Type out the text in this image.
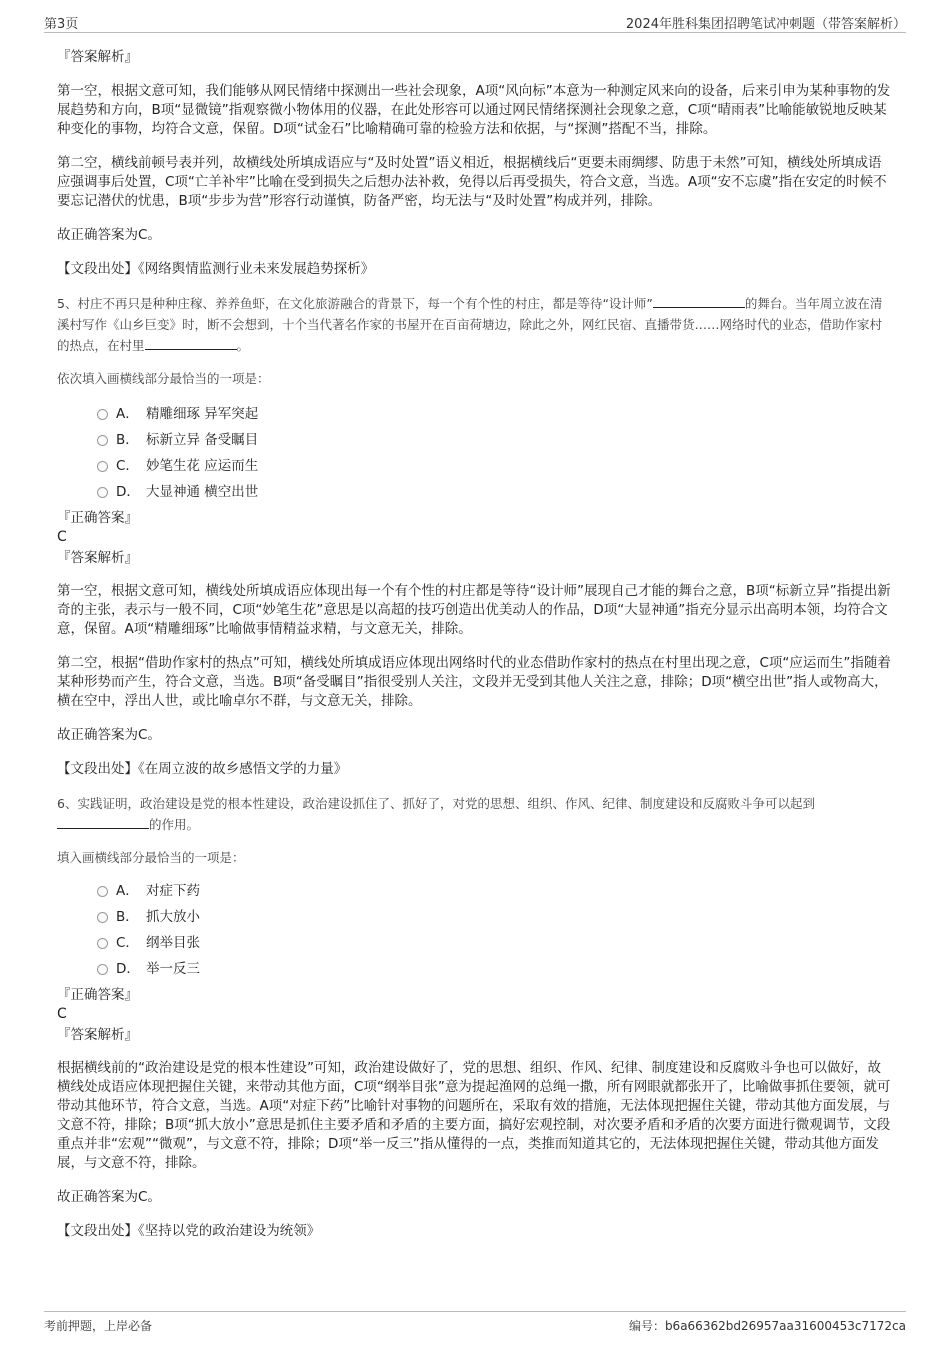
第3页	2024年胜科集团招聘笔试冲刺题（带答案解析）

『答案解析』

第一空，根据文意可知，我们能够从网民情绪中探测出一些社会现象，A项“风向标”本意为一种测定风来向的设备，后来引申为某种事物的发展趋势和方向，B项“显微镜”指观察微小物体用的仪器，在此处形容可以通过网民情绪探测社会现象之意，C项“晴雨表”比喻能敏锐地反映某种变化的事物，均符合文意，保留。D项“试金石”比喻精确可靠的检验方法和依据，与“探测”搭配不当，排除。

第二空，横线前顿号表并列，故横线处所填成语应与“及时处置”语义相近，根据横线后“更要未雨绸缪、防患于未然”可知，横线处所填成语应强调事后处置，C项“亡羊补牢”比喻在受到损失之后想办法补救，免得以后再受损失，符合文意，当选。A项“安不忘虞”指在安定的时候不要忘记潜伏的忧患，B项“步步为营”形容行动谨慎，防备严密，均无法与“及时处置”构成并列，排除。

故正确答案为C。

【文段出处】《网络舆情监测行业未来发展趋势探析》

5、村庄不再只是种种庄稼、养养鱼虾，在文化旅游融合的背景下，每一个有个性的村庄，都是等待“设计师”	的舞台。当年周立波在清溪村写作《山乡巨变》时，断不会想到，十个当代著名作家的书屋开在百亩荷塘边，除此之外，网红民宿、直播带货……网络时代的业态，借助作家村的热点，在村里	。

依次填入画横线部分最恰当的一项是：

A． 精雕细琢 异军突起
B． 标新立异 备受瞩目
C． 妙笔生花 应运而生
D． 大显神通 横空出世

『正确答案』

C

『答案解析』

第一空，根据文意可知，横线处所填成语应体现出每一个有个性的村庄都是等待“设计师”展现自己才能的舞台之意，B项“标新立异”指提出新奇的主张，表示与一般不同，C项“妙笔生花”意思是以高超的技巧创造出优美动人的作品，D项“大显神通”指充分显示出高明本领，均符合文意，保留。A项“精雕细琢”比喻做事情精益求精，与文意无关，排除。

第二空，根据“借助作家村的热点”可知，横线处所填成语应体现出网络时代的业态借助作家村的热点在村里出现之意，C项“应运而生”指随着某种形势而产生，符合文意，当选。B项“备受瞩目”指很受别人关注，文段并无受到其他人关注之意，排除；D项“横空出世”指人或物高大，横在空中，浮出人世，或比喻卓尔不群，与文意无关，排除。

故正确答案为C。

【文段出处】《在周立波的故乡感悟文学的力量》

6、实践证明，政治建设是党的根本性建设，政治建设抓住了、抓好了，对党的思想、组织、作风、纪律、制度建设和反腐败斗争可以起到
的作用。

填入画横线部分最恰当的一项是：

A． 对症下药
B． 抓大放小
C． 纲举目张
D． 举一反三

『正确答案』

C

『答案解析』

根据横线前的“政治建设是党的根本性建设”可知，政治建设做好了，党的思想、组织、作风、纪律、制度建设和反腐败斗争也可以做好，故横线处成语应体现把握住关键，来带动其他方面，C项“纲举目张”意为提起渔网的总绳一撒，所有网眼就都张开了，比喻做事抓住要领，就可带动其他环节，符合文意，当选。A项“对症下药”比喻针对事物的问题所在，采取有效的措施，无法体现把握住关键，带动其他方面发展，与文意不符，排除；B项“抓大放小”意思是抓住主要矛盾和矛盾的主要方面，搞好宏观控制，对次要矛盾和矛盾的次要方面进行微观调节，文段重点并非“宏观”“微观”，与文意不符，排除；D项“举一反三”指从懂得的一点，类推而知道其它的，无法体现把握住关键，带动其他方面发展，与文意不符，排除。

故正确答案为C。

【文段出处】《坚持以党的政治建设为统领》

考前押题，上岸必备	编号：b6a66362bd26957aa31600453c7172ca
